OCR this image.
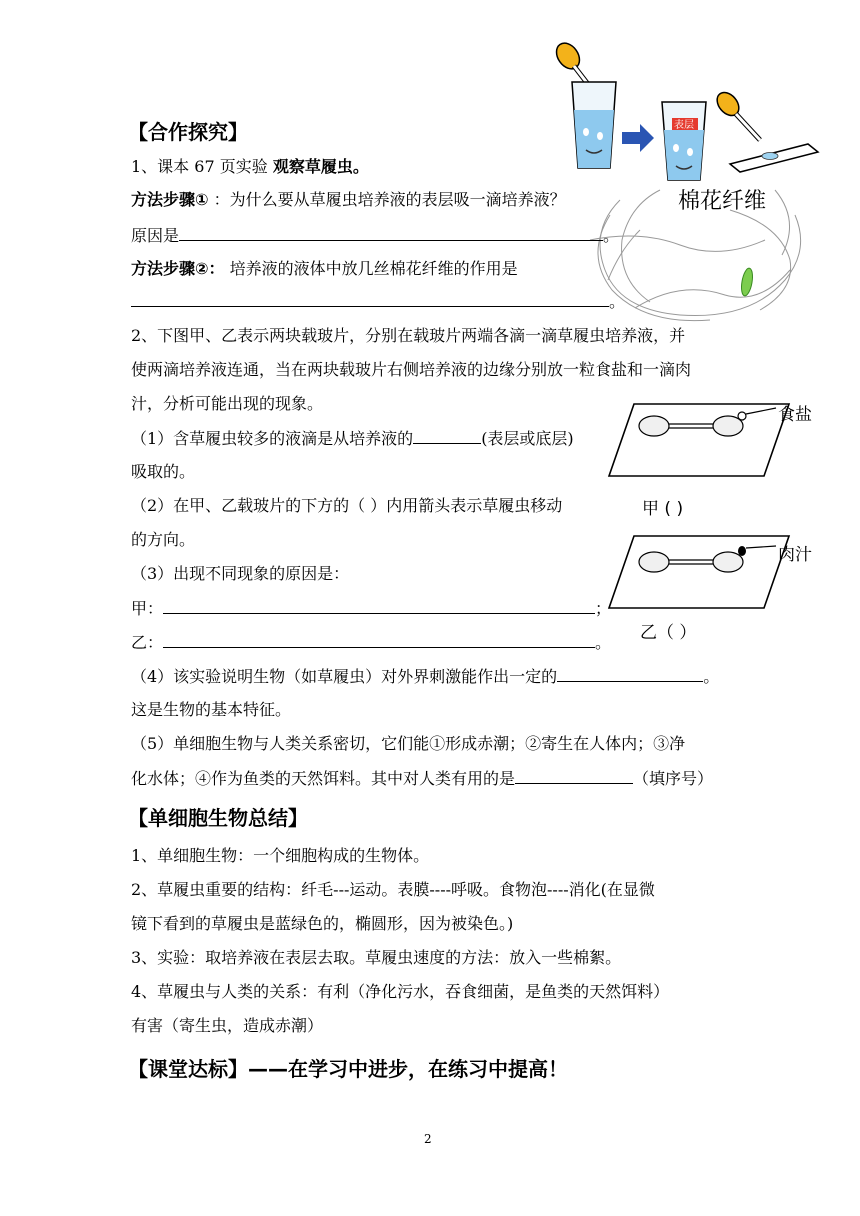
表层
棉花纤维
【合作探究】
1、课本 67 页实验 观察草履虫。
方法步骤① ：为什么要从草履虫培养液的表层吸一滴培养液？
原因是	。
方法步骤②： 培养液的液体中放几丝棉花纤维的作用是
。
2、下图甲、乙表示两块载玻片，分别在载玻片两端各滴一滴草履虫培养液，并
使两滴培养液连通，当在两块载玻片右侧培养液的边缘分别放一粒食盐和一滴肉
汁，分析可能出现的现象。
（1）含草履虫较多的液滴是从培养液的	(表层或底层)
吸取的。
（2）在甲、乙载玻片的下方的（ ）内用箭头表示草履虫移动
的方向。
（3）出现不同现象的原因是：
甲：	；
乙：	。
（4）该实验说明生物（如草履虫）对外界刺激能作出一定的	。
这是生物的基本特征。
（5）单细胞生物与人类关系密切，它们能①形成赤潮；②寄生在人体内；③净
化水体；④作为鱼类的天然饵料。其中对人类有用的是	（填序号）
食盐
甲 ( )
肉汁
乙（ ）
【单细胞生物总结】
1、单细胞生物：一个细胞构成的生物体。
2、草履虫重要的结构：纤毛---运动。表膜----呼吸。食物泡----消化(在显微
镜下看到的草履虫是蓝绿色的，椭圆形，因为被染色。)
3、实验：取培养液在表层去取。草履虫速度的方法：放入一些棉絮。
4、草履虫与人类的关系：有利（净化污水，吞食细菌，是鱼类的天然饵料）
有害（寄生虫，造成赤潮）
【课堂达标】——在学习中进步，在练习中提高！
2
